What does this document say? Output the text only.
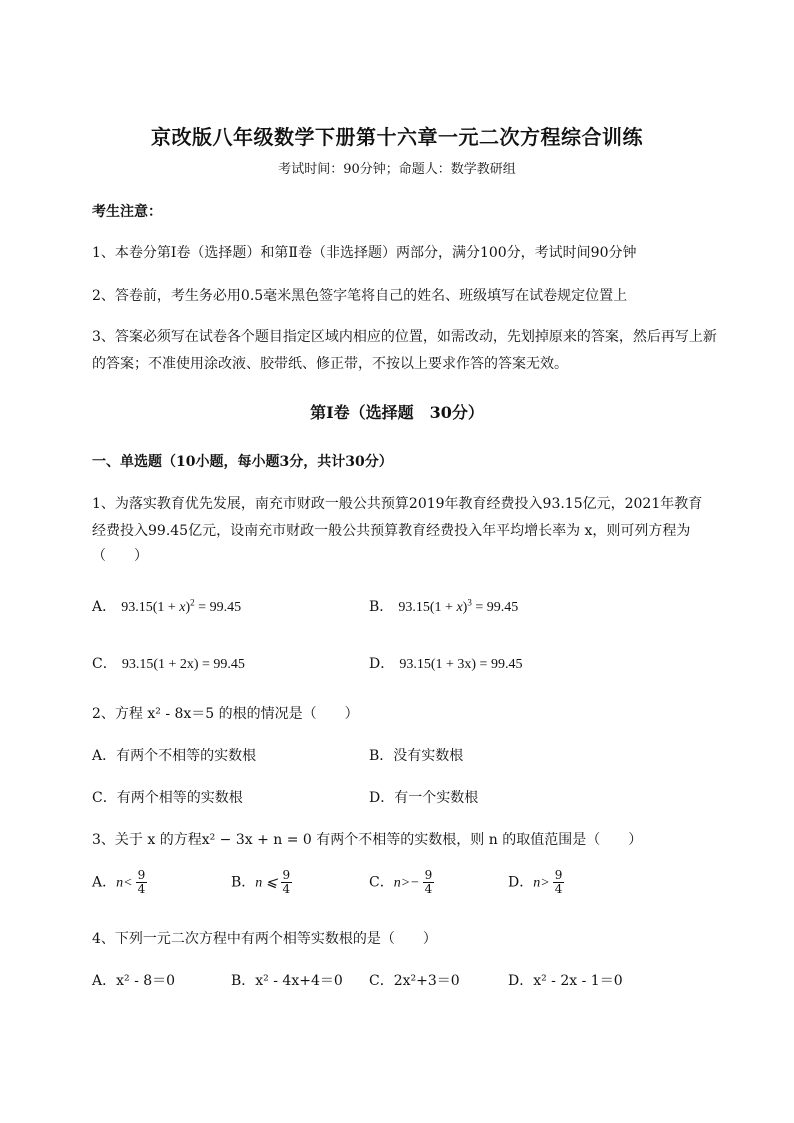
京改版八年级数学下册第十六章一元二次方程综合训练
考试时间：90分钟；命题人：数学教研组
考生注意：
1、本卷分第I卷（选择题）和第Ⅱ卷（非选择题）两部分，满分100分，考试时间90分钟
2、答卷前，考生务必用0.5毫米黑色签字笔将自己的姓名、班级填写在试卷规定位置上
3、答案必须写在试卷各个题目指定区域内相应的位置，如需改动，先划掉原来的答案，然后再写上新
的答案；不准使用涂改液、胶带纸、修正带，不按以上要求作答的答案无效。
第I卷（选择题　30分）
一、单选题（10小题，每小题3分，共计30分）
1、为落实教育优先发展，南充市财政一般公共预算2019年教育经费投入93.15亿元，2021年教育
经费投入99.45亿元，设南充市财政一般公共预算教育经费投入年平均增长率为 x，则可列方程为
（　　）
A． $93.15(1 + x)^2 = 99.45$	B． $93.15(1 + x)^3 = 99.45$
C． 93.15(1 + 2x) = 99.45	D． 93.15(1 + 3x) = 99.45
2、方程 x² - 8x＝5 的根的情况是（　　）
A．有两个不相等的实数根	B．没有实数根
C．有两个相等的实数根	D．有一个实数根
3、关于 x 的方程x² − 3x + n = 0 有两个不相等的实数根，则 n 的取值范围是（　　）
A．$n< \frac{9}{4}$	B．n ⩽ $\frac{9}{4}$	C．$n>- \frac{9}{4}$	D．$n> \frac{9}{4}$
4、下列一元二次方程中有两个相等实数根的是（　　）
A．x² - 8＝0	B．x² - 4x+4＝0 C．2x²+3＝0	D．x² - 2x - 1＝0
